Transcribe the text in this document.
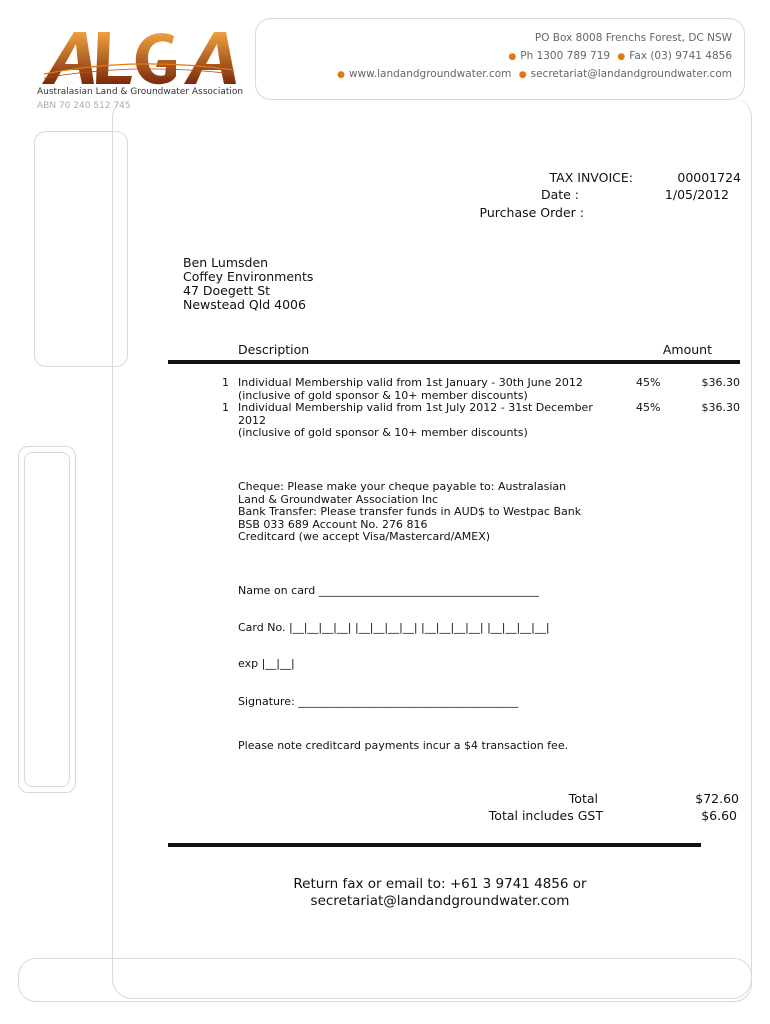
Australasian Land & Groundwater Association
ABN 70 240 512 745
PO Box 8008 Frenchs Forest, DC NSW
● Ph 1300 789 719 ● Fax (03) 9741 4856
● www.landandgroundwater.com ● secretariat@landandgroundwater.com
TAX INVOICE:	00001724
Date :	1/05/2012
Purchase Order :
Ben Lumsden
Coffey Environments
47 Doegett St
Newstead Qld 4006
Description	Amount
1 Individual Membership valid from 1st January - 30th June 2012
(inclusive of gold sponsor & 10+ member discounts)
45%	$36.30
1 Individual Membership valid from 1st July 2012 - 31st December
2012
(inclusive of gold sponsor & 10+ member discounts)
45%	$36.30
Cheque: Please make your cheque payable to: Australasian
Land & Groundwater Association Inc
Bank Transfer: Please transfer funds in AUD$ to Westpac Bank
BSB 033 689 Account No. 276 816
Creditcard (we accept Visa/Mastercard/AMEX)
Name on card ________________________________________
Card No. |__|__|__|__| |__|__|__|__| |__|__|__|__| |__|__|__|__|
exp |__|__|
Signature: ________________________________________
Please note creditcard payments incur a $4 transaction fee.
Total	$72.60
Total includes GST	$6.60
Return fax or email to: +61 3 9741 4856 or
secretariat@landandgroundwater.com
